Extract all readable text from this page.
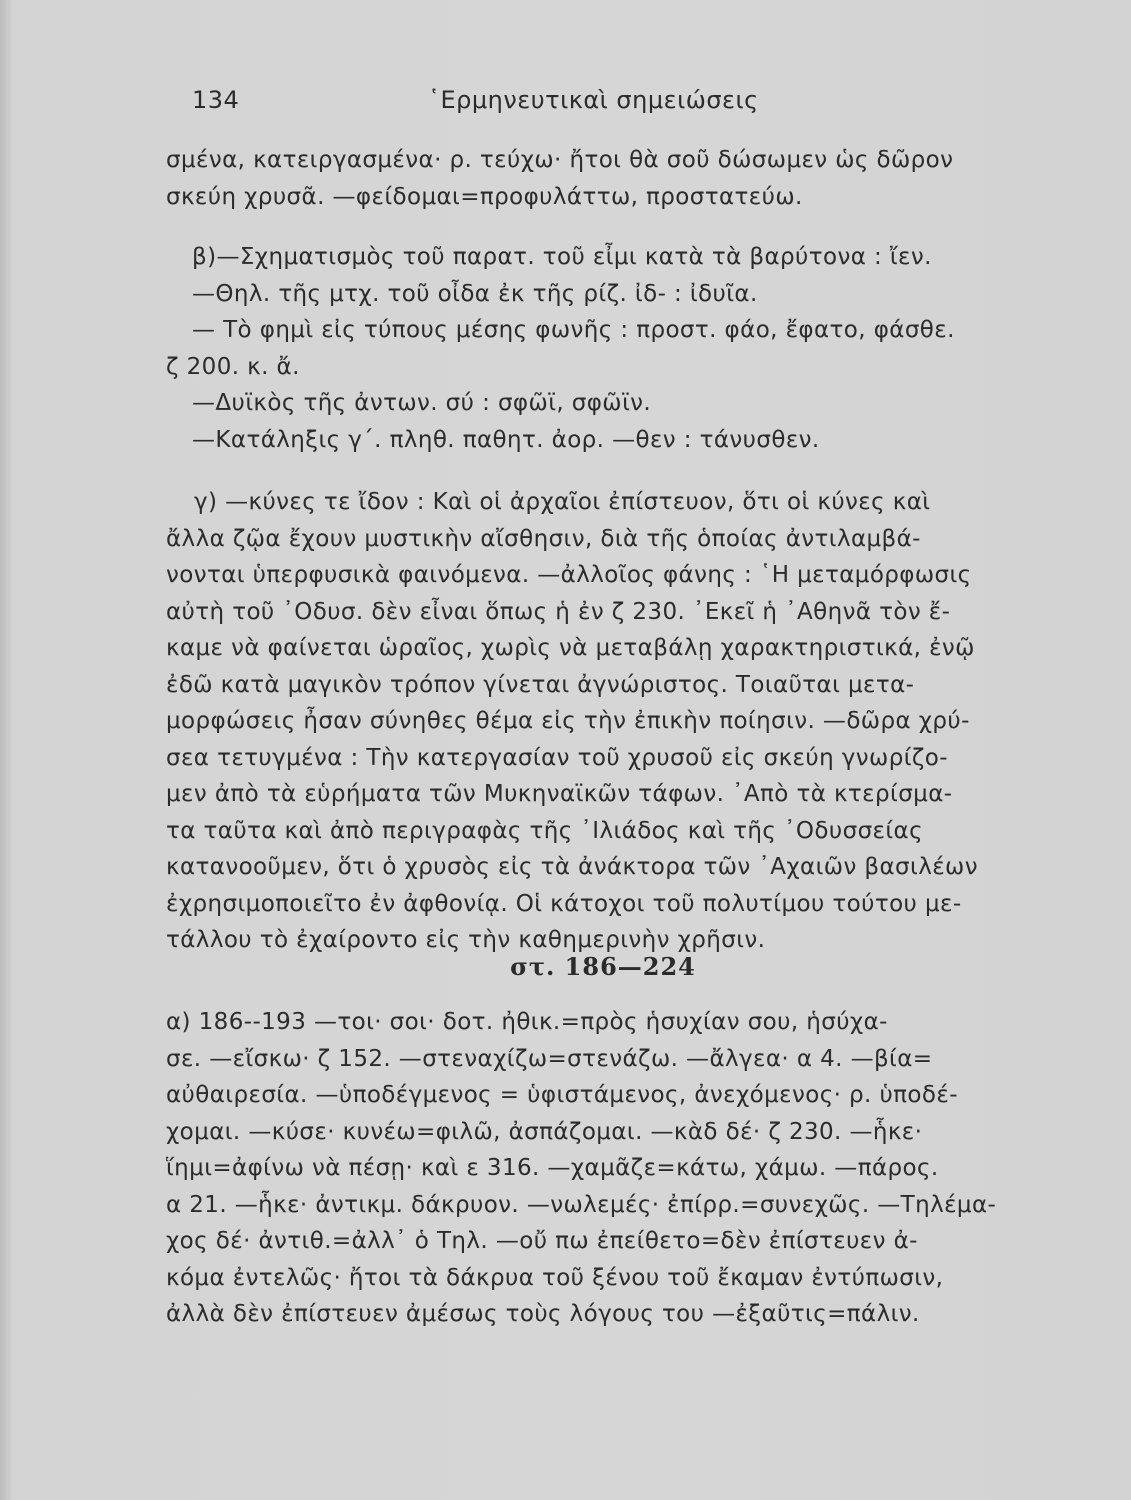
134	῾Ερμηνευτικαὶ σημειώσεις
σμένα, κατειργασμένα· ρ. τεύχω· ἤτοι θὰ σοῦ δώσωμεν ὡς δῶρον
σκεύη χρυσᾶ. —φείδομαι=προφυλάττω, προστατεύω.
β)—Σχηματισμὸς τοῦ παρατ. τοῦ εἶμι κατὰ τὰ βαρύτονα : ἴεν.
—Θηλ. τῆς μτχ. τοῦ οἶδα ἐκ τῆς ρίζ. ἰδ- : ἰδυῖα.
— Τὸ φημὶ εἰς τύπους μέσης φωνῆς : προστ. φάο, ἔφατο, φάσθε.
ζ 200. κ. ἄ.
—Δυϊκὸς τῆς ἀντων. σύ : σφῶϊ, σφῶϊν.
—Κατάληξις γ΄. πληθ. παθητ. ἀορ. —θεν : τάνυσθεν.
γ) —κύνες τε ἴδον : Καὶ οἱ ἀρχαῖοι ἐπίστευον, ὅτι οἱ κύνες καὶ
ἄλλα ζῷα ἔχουν μυστικὴν αἴσθησιν, διὰ τῆς ὁποίας ἀντιλαμβά-
νονται ὑπερφυσικὰ φαινόμενα. —ἀλλοῖος φάνης : ῾Η μεταμόρφωσις
αὐτὴ τοῦ ᾿Οδυσ. δὲν εἶναι ὅπως ἡ ἐν ζ 230. ᾿Εκεῖ ἡ ᾿Αθηνᾶ τὸν ἔ-
καμε νὰ φαίνεται ὡραῖος, χωρὶς νὰ μεταβάλῃ χαρακτηριστικά, ἐνῷ
ἐδῶ κατὰ μαγικὸν τρόπον γίνεται ἀγνώριστος. Τοιαῦται μετα-
μορφώσεις ἦσαν σύνηθες θέμα εἰς τὴν ἐπικὴν ποίησιν. —δῶρα χρύ-
σεα τετυγμένα : Τὴν κατεργασίαν τοῦ χρυσοῦ εἰς σκεύη γνωρίζο-
μεν ἀπὸ τὰ εὑρήματα τῶν Μυκηναϊκῶν τάφων. ᾿Απὸ τὰ κτερίσμα-
τα ταῦτα καὶ ἀπὸ περιγραφὰς τῆς ᾿Ιλιάδος καὶ τῆς ᾿Οδυσσείας
κατανοοῦμεν, ὅτι ὁ χρυσὸς εἰς τὰ ἀνάκτορα τῶν ᾿Αχαιῶν βασιλέων
ἐχρησιμοποιεῖτο ἐν ἀφθονίᾳ. Οἱ κάτοχοι τοῦ πολυτίμου τούτου με-
τάλλου τὸ ἐχαίροντο εἰς τὴν καθημερινὴν χρῆσιν.
στ. 186—224
α) 186--193 —τοι· σοι· δοτ. ἠθικ.=πρὸς ἡσυχίαν σου, ἡσύχα-
σε. —εἴσκω· ζ 152. —στεναχίζω=στενάζω. —ἄλγεα· α 4. —βία=
αὐθαιρεσία. —ὑποδέγμενος = ὑφιστάμενος, ἀνεχόμενος· ρ. ὑποδέ-
χομαι. —κύσε· κυνέω=φιλῶ, ἀσπάζομαι. —κὰδ δέ· ζ 230. —ἧκε·
ἵημι=ἀφίνω νὰ πέσῃ· καὶ ε 316. —χαμᾶζε=κάτω, χάμω. —πάρος.
α 21. —ἧκε· ἀντικμ. δάκρυον. —νωλεμές· ἐπίρρ.=συνεχῶς. —Τηλέμα-
χος δέ· ἀντιθ.=ἀλλ᾿ ὁ Τηλ. —οὔ πω ἐπείθετο=δὲν ἐπίστευεν ἀ-
κόμα ἐντελῶς· ἤτοι τὰ δάκρυα τοῦ ξένου τοῦ ἔκαμαν ἐντύπωσιν,
ἀλλὰ δὲν ἐπίστευεν ἀμέσως τοὺς λόγους του —ἐξαῦτις=πάλιν.
